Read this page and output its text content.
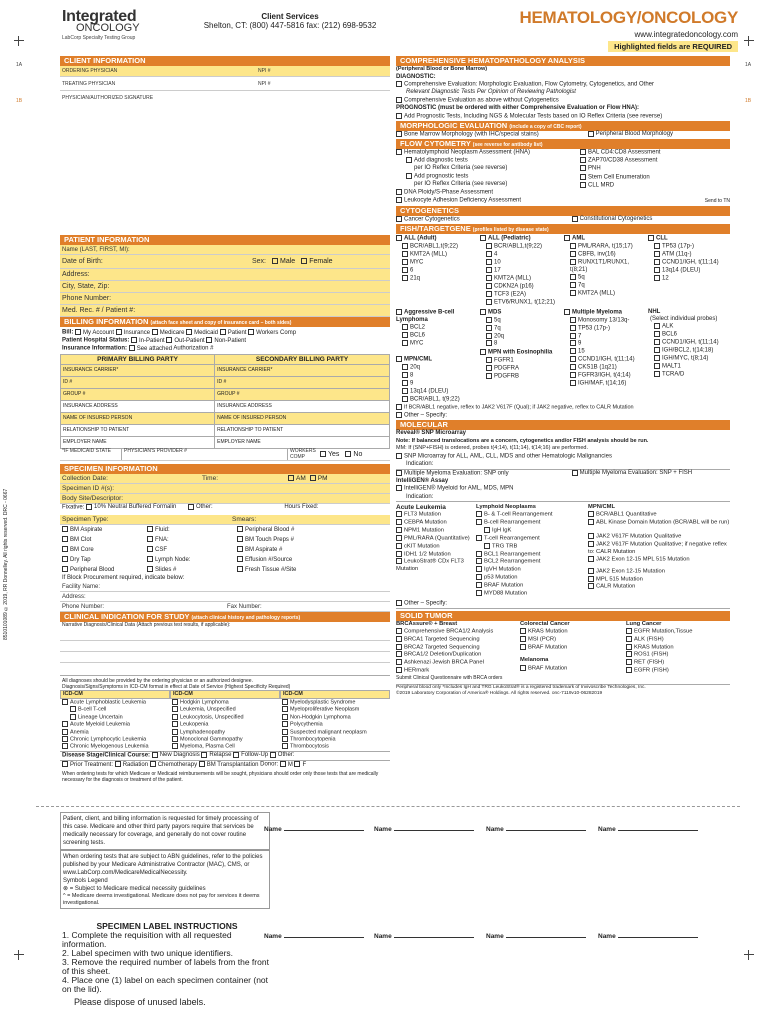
Integrated
ONCOLOGY
LabCorp Specialty Testing Group
Client Services
Shelton, CT: (800) 447-5816 fax: (212) 698-9532	HEMATOLOGY/ONCOLOGY
www.integratedoncology.com
Highlighted fields are REQUIRED
1A	1A
1B	1B
8510101089 ©2019, RR Donnelley. All rights reserved. DRC - 0667
CLIENT INFORMATION
ORDERING PHYSICIAN	NPI #
TREATING PHYSICIAN	NPI #
PHYSICIAN/AUTHORIZED SIGNATURE
PATIENT INFORMATION
Name (LAST, FIRST, MI):
Date of Birth:	Sex:	Male	Female
Address:
City, State, Zip:
Phone Number:
Med. Rec. # / Patient #:
BILLING INFORMATION (attach face sheet and copy of insurance card – both sides)
Bill: My Account Insurance Medicare Medicaid Patient Workers Comp
Patient Hospital Status: In-Patient Out-Patient Non-Patient
Insurance Information: See attached Authorization #
PRIMARY BILLING PARTY	SECONDARY BILLING PARTY
INSURANCE CARRIER*	INSURANCE CARRIER*
ID #	ID #
GROUP #	GROUP #
INSURANCE ADDRESS	INSURANCE ADDRESS
NAME OF INSURED PERSON	NAME OF INSURED PERSON
RELATIONSHIP TO PATIENT	RELATIONSHIP TO PATIENT
EMPLOYER NAME	EMPLOYER NAME
*IF MEDICAID STATE	PHYSICIAN'S PROVIDER #	WORKERS COMP	Yes	No
SPECIMEN INFORMATION
Collection Date:	Time:	AM	PM
Specimen ID #(s):
Body Site/Descriptor:
Fixative: 10% Neutral Buffered Formalin	Other:	Hours Fixed:
Specimen Type:	Smears:
BM Aspirate
BM Clot
BM Core
Dry Tap
Peripheral Blood
Fluid:
FNA:
CSF
Lymph Node:
Slides #
Peripheral Blood #
BM Touch Preps #
BM Aspirate #
Effusion #/Source
Fresh Tissue #/Site
If Block Procurement required, indicate below:
Facility Name:
Address:
Phone Number:	Fax Number:
CLINICAL INDICATION FOR STUDY (attach clinical history and pathology reports)
Narrative Diagnosis/Clinical Data (Attach previous test results, if applicable):
All diagnoses should be provided by the ordering physician or an authorized designee.
Diagnosis/Signs/Symptoms in ICD-CM format in effect at Date of Service (Highest Specificity Required)
ICD-CM	ICD-CM	ICD-CM
Acute Lymphoblastic Leukemia
B-cell T-cell
Lineage Uncertain
Acute Myeloid Leukemia
Anemia
Chronic Lymphocytic Leukemia
Chronic Myelogenous Leukemia
Hodgkin Lymphoma
Leukemia, Unspecified
Leukocytosis, Unspecified
Leukopenia
Lymphadenopathy
Monoclonal Gammopathy
Myeloma, Plasma Cell
Myelodysplastic Syndrome
Myeloproliferative Neoplasm
Non-Hodgkin Lymphoma
Polycythemia
Suspected malignant neoplasm
Thrombocytopenia
Thrombocytosis
Disease Stage/Clinical Course: New Diagnosis Relapse Follow-Up Other:
Prior Treatment: Radiation Chemotherapy BM Transplantation Donor: M F
When ordering tests for which Medicare or Medicaid reimbursements will be sought, physicians should order only those tests that are medically necessary for the diagnosis or treatment of the patient.
COMPREHENSIVE HEMATOPATHOLOGY ANALYSIS
(Peripheral Blood or Bone Marrow)
DIAGNOSTIC:
Comprehensive Evaluation: Morphologic Evaluation, Flow Cytometry, Cytogenetics, and Other
Relevant Diagnostic Tests Per Opinion of Reviewing Pathologist
Comprehensive Evaluation as above without Cytogenetics
PROGNOSTIC (must be ordered with either Comprehensive Evaluation or Flow HNA):
Add Prognostic Tests, Including NGS & Molecular Tests based on IO Reflex Criteria (see reverse)
MORPHOLOGIC EVALUATION (include a copy of CBC report)
Bone Marrow Morphology (with IHC/special stains)	Peripheral Blood Morphology
FLOW CYTOMETRY (see reverse for antibody list)
Hematolymphoid Neoplasm Assessment (HNA)
Add diagnostic tests
per IO Reflex Criteria (see reverse)
Add prognostic tests
per IO Reflex Criteria (see reverse)
DNA Ploidy/S-Phase Assessment
Leukocyte Adhesion Deficiency Assessment
BAL CD4:CD8 Assessment
ZAP70/CD38 Assessment
PNH
Stem Cell Enumeration
CLL MRD
Send to TN
CYTOGENETICS
Cancer Cytogenetics	Constitutional Cytogenetics
FISH/TARGETGENE (profiles listed by disease state)
ALL (Adult)
BCR/ABL1,t(9;22)
KMT2A (MLL)
MYC
6
21q
ALL (Pediatric)
BCR/ABL1,t(9;22)
4
10
17
KMT2A (MLL)
CDKN2A (p16)
TCF3 (E2A)
ETV6/RUNX1, t(12;21)
AML
PML/RARA, t(15;17)
CBFB, inv(16)
RUNX1T1/RUNX1, t(8;21)
5q
7q
KMT2A (MLL)
CLL
TP53 (17p-)
ATM (11q-)
CCND1/IGH, t(11;14)
13q14 (DLEU)
12
Aggressive B-cell Lymphoma
BCL2
BCL6
MYC
MPN/CML
20q
8
9
13q14 (DLEU)
BCR/ABL1, t(9;22)
MDS
5q
7q
20q
8
MPN with Eosinophilia
FGFR1
PDGFRA
PDGFRB
Multiple Myeloma
Monosomy 13/13q-
TP53 (17p-)
7
9
15
CCND1/IGH, t(11;14)
CKS1B (1q21)
FGFR3/IGH, t(4;14)
IGH/MAF, t(14;16)
NHL
(Select individual probes)
ALK
BCL6
CCND1/IGH, t(11;14)
IGH/BCL2, t(14;18)
IGH/MYC, t(8;14)
MALT1
TCRA/D
If BCR/ABL1 negative, reflex to JAK2 V617F (Qual); if JAK2 negative, reflex to CALR Mutation
Other – Specify:
MOLECULAR
Reveal® SNP Microarray
Note: If balanced translocations are a concern, cytogenetics and/or FISH analysis should be run.
MM: If (SNP+FISH) is ordered, probes t(4;14), t(11;14), t(14;16) are performed.
SNP Microarray for ALL, AML, CLL, MDS and other Hematologic Malignancies
Indication:
Multiple Myeloma Evaluation: SNP only	Multiple Myeloma Evaluation: SNP + FISH
IntelliGEN® Assay
IntelliGEN® Myeloid for AML, MDS, MPN
Indication:
Acute Leukemia
FLT3 Mutation
CEBPA Mutation
NPM1 Mutation
PML/RARA (Quantitative)
cKIT Mutation
IDH1 1/2 Mutation
LeukoStrat® CDx FLT3 Mutation
Lymphoid Neoplasms
B- & T-cell Rearrangement
B-cell Rearrangement
IgH IgK
T-cell Rearrangement
TRG TRB
BCL1 Rearrangement
BCL2 Rearrangement
IgVH Mutation
p53 Mutation
BRAF Mutation
MYD88 Mutation
MPN/CML
BCR/ABL1 Quantitative
ABL Kinase Domain Mutation (BCR/ABL will be run)
JAK2 V617F Mutation Qualitative
JAK2 V617F Mutation Qualitative; if negative reflex to: CALR Mutation
JAK2 Exon 12-15 MPL 515 Mutation
JAK2 Exon 12-15 Mutation
MPL 515 Mutation
CALR Mutation
Other – Specify:
SOLID TUMOR
BRCAssure® + Breast
Comprehensive BRCA1/2 Analysis
BRCA1 Targeted Sequencing
BRCA2 Targeted Sequencing
BRCA1/2 Deletion/Duplication
Ashkenazi Jewish BRCA Panel
HERmark
Submit Clinical Questionnaire with BRCA orders
Colorectal Cancer
KRAS Mutation
MSI (PCR)
BRAF Mutation
Melanoma
BRAF Mutation
Lung Cancer
EGFR Mutation,Tissue
ALK (FISH)
KRAS Mutation
ROS1 (FISH)
RET (FISH)
EGFR (FISH)
Peripheral blood only *Includes IgH and TRG LeukoStrat® is a registered trademark of Invivoscribe Technologies, Inc.
©2019 Laboratory Corporation of America® Holdings. All rights reserved. onc-7119v10-06282019
Patient, client, and billing information is requested for timely processing of this case. Medicare and other third party payors require that services be medically necessary for coverage, and generally do not cover routine screening tests.
When ordering tests that are subject to ABN guidelines, refer to the policies published by your Medicare Administrative Contractor (MAC), CMS, or www.LabCorp.com/MedicareMedicalNecessity.
Symbols Legend
⊗ = Subject to Medicare medical necessity guidelines
^ = Medicare deems investigational. Medicare does not pay for services it deems investigational.
SPECIMEN LABEL INSTRUCTIONS
1. Complete the requisition with all requested information.
2. Label specimen with two unique identifiers.
3. Remove the required number of labels from the front of this sheet.
4. Place one (1) label on each specimen container (not on the lid).
Please dispose of unused labels.
Name	Name	Name	Name
Name	Name	Name	Name
